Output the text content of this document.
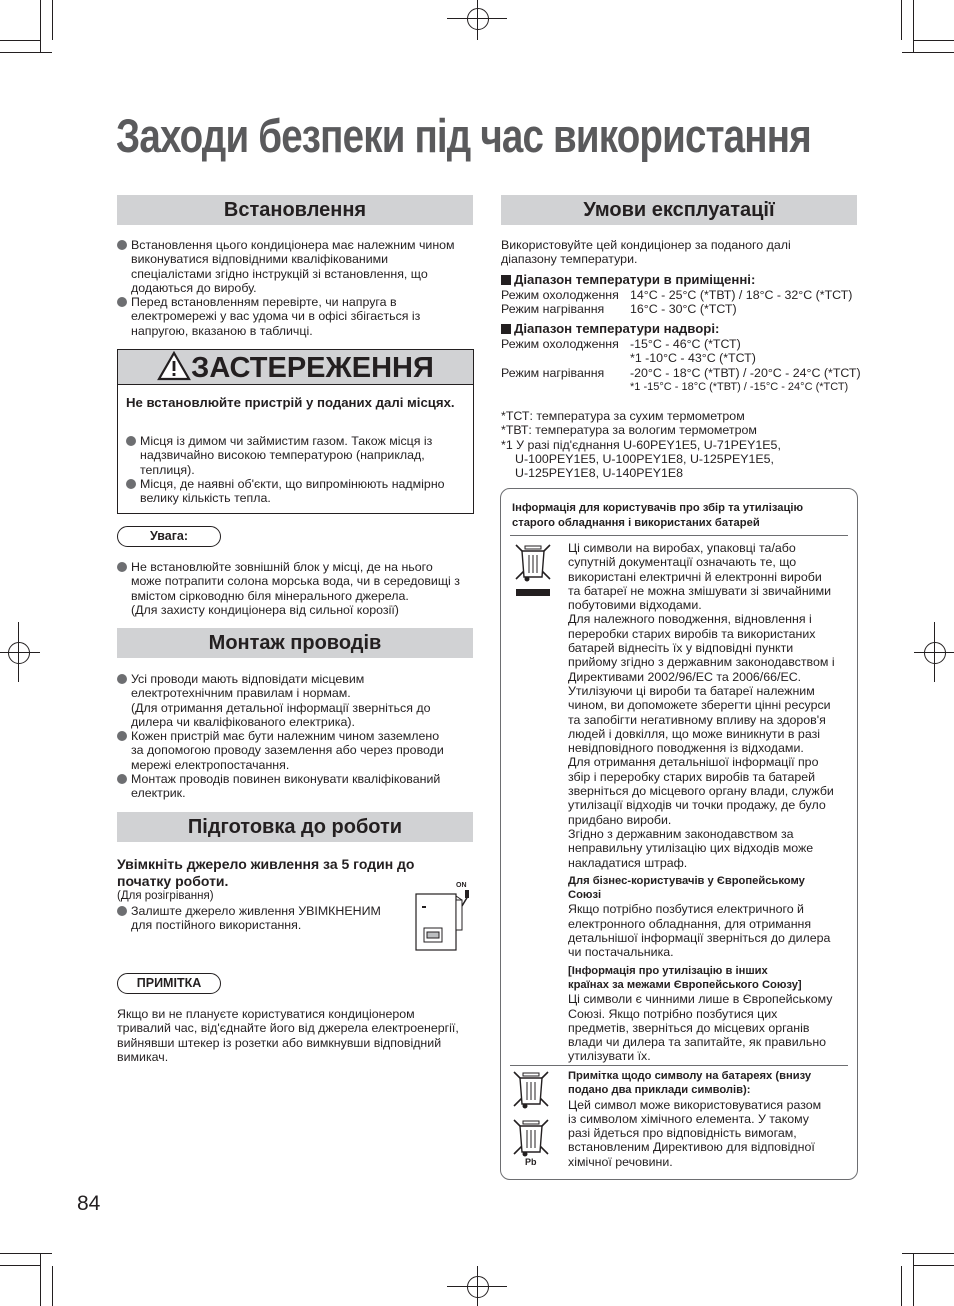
Заходи безпеки під час використання
Встановлення
Встановлення цього кондиціонера має належним чином виконуватися відповідними кваліфікованими спеціалістами згідно інструкцій зі встановлення, що додаються до виробу.
Перед встановленням перевірте, чи напруга в електромережі у вас удома чи в офісі збігається із напругою, вказаною в табличці.
ЗАСТЕРЕЖЕННЯ
Не встановлюйте пристрій у поданих далі місцях.
Місця із димом чи займистим газом. Також місця із надзвичайно високою температурою (наприклад, теплиця).
Місця, де наявні об'єкти, що випромінюють надмірно велику кількість тепла.
Увага:
Не встановлюйте зовнішній блок у місці, де на нього
може потрапити солона морська вода, чи в середовищі з
вмістом сірководню біля мінерального джерела.
(Для захисту кондиціонера від сильної корозії)
Монтаж проводів
Усі проводи мають відповідати місцевим
електротехнічним правилам і нормам.
(Для отримання детальної інформації зверніться до
дилера чи кваліфікованого електрика).
Кожен пристрій має бути належним чином заземлено
за допомогою проводу заземлення або через проводи
мережі електропостачання.
Монтаж проводів повинен виконувати кваліфікований
електрик.
Підготовка до роботи
Увімкніть джерело живлення за 5 годин до
початку роботи.
(Для розігрівання)
Залиште джерело живлення УВІМКНЕНИМ
для постійного використання.
ON
ПРИМІТКА
Якщо ви не плануєте користуватися кондиціонером
тривалий час, від'єднайте його від джерела електроенергії,
вийнявши штекер із розетки або вимкнувши відповідний
вимикач.
84
Умови експлуатації
Використовуйте цей кондиціонер за поданого далі
діапазону температури.
Діапазон температури в приміщенні:
Режим охолодження 14°C - 25°C (*ТВТ) / 18°C - 32°C (*ТСТ)
Режим нагрівання	16°C - 30°C (*ТСТ)
Діапазон температури надворі:
Режим охолодження -15°C - 46°C (*ТСТ)
*1 -10°C - 43°C (*ТСТ)
Режим нагрівання	-20°C - 18°C (*ТВТ) / -20°C - 24°C (*ТСТ)
*1 -15°C - 18°C (*ТВТ) / -15°C - 24°C (*ТСТ)
*ТСТ: температура за сухим термометром
*ТВТ: температура за вологим термометром
*1 У разі під'єднання U-60PEY1E5, U-71PEY1E5,
U-100PEY1E5, U-100PEY1E8, U-125PEY1E5,
U-125PEY1E8, U-140PEY1E8
Інформація для користувачів про збір та утилізацію
старого обладнання і використаних батарей
Ці символи на виробах, упаковці та/або
супутній документації означають те, що
використані електричні й електронні вироби
та батареї не можна змішувати зі звичайними
побутовими відходами.
Для належного поводження, відновлення і
переробки старих виробів та використаних
батарей віднесіть їх у відповідні пункти
прийому згідно з державним законодавством і
Директивами 2002/96/ЕС та 2006/66/ЕС.
Утилізуючи ці вироби та батареї належним
чином, ви допоможете зберегти цінні ресурси
та запобігти негативному впливу на здоров'я
людей і довкілля, що може виникнути в разі
невідповідного поводження із відходами.
Для отримання детальнішої інформації про
збір і переробку старих виробів та батарей
зверніться до місцевого органу влади, служби
утилізації відходів чи точки продажу, де було
придбано вироби.
Згідно з державним законодавством за
неправильну утилізацію цих відходів може
накладатися штраф.
Для бізнес-користувачів у Європейському
Союзі
Якщо потрібно позбутися електричного й
електронного обладнання, для отримання
детальнішої інформації зверніться до дилера
чи постачальника.
[Інформація про утилізацію в інших
країнах за межами Європейського Союзу]
Ці символи є чинними лише в Європейському
Союзі. Якщо потрібно позбутися цих
предметів, зверніться до місцевих органів
влади чи дилера та запитайте, як правильно
утилізувати їх.
Pb
Примітка щодо символу на батареях (внизу
подано два приклади символів):
Цей символ може використовуватися разом
із символом хімічного елемента. У такому
разі йдеться про відповідність вимогам,
встановленим Директивою для відповідної
хімічної речовини.
